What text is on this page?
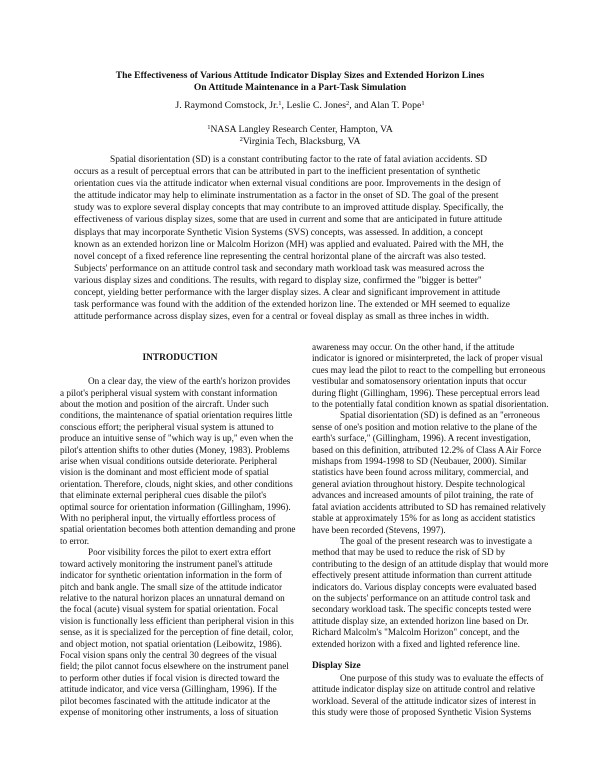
The Effectiveness of Various Attitude Indicator Display Sizes and Extended Horizon Lines
On Attitude Maintenance in a Part-Task Simulation
J. Raymond Comstock, Jr.$^1$, Leslie C. Jones$^2$, and Alan T. Pope$^1$
$^1$NASA Langley Research Center, Hampton, VA
$^2$Virginia Tech, Blacksburg, VA
Spatial disorientation (SD) is a constant contributing factor to the rate of fatal aviation accidents. SD
occurs as a result of perceptual errors that can be attributed in part to the inefficient presentation of synthetic
orientation cues via the attitude indicator when external visual conditions are poor. Improvements in the design of
the attitude indicator may help to eliminate instrumentation as a factor in the onset of SD. The goal of the present
study was to explore several display concepts that may contribute to an improved attitude display. Specifically, the
effectiveness of various display sizes, some that are used in current and some that are anticipated in future attitude
displays that may incorporate Synthetic Vision Systems (SVS) concepts, was assessed. In addition, a concept
known as an extended horizon line or Malcolm Horizon (MH) was applied and evaluated. Paired with the MH, the
novel concept of a fixed reference line representing the central horizontal plane of the aircraft was also tested.
Subjects' performance on an attitude control task and secondary math workload task was measured across the
various display sizes and conditions. The results, with regard to display size, confirmed the "bigger is better"
concept, yielding better performance with the larger display sizes. A clear and significant improvement in attitude
task performance was found with the addition of the extended horizon line. The extended or MH seemed to equalize
attitude performance across display sizes, even for a central or foveal display as small as three inches in width.
INTRODUCTION
On a clear day, the view of the earth's horizon provides
a pilot's peripheral visual system with constant information
about the motion and position of the aircraft. Under such
conditions, the maintenance of spatial orientation requires little
conscious effort; the peripheral visual system is attuned to
produce an intuitive sense of "which way is up," even when the
pilot's attention shifts to other duties (Money, 1983). Problems
arise when visual conditions outside deteriorate. Peripheral
vision is the dominant and most efficient mode of spatial
orientation. Therefore, clouds, night skies, and other conditions
that eliminate external peripheral cues disable the pilot's
optimal source for orientation information (Gillingham, 1996).
With no peripheral input, the virtually effortless process of
spatial orientation becomes both attention demanding and prone
to error.
Poor visibility forces the pilot to exert extra effort
toward actively monitoring the instrument panel's attitude
indicator for synthetic orientation information in the form of
pitch and bank angle. The small size of the attitude indicator
relative to the natural horizon places an unnatural demand on
the focal (acute) visual system for spatial orientation. Focal
vision is functionally less efficient than peripheral vision in this
sense, as it is specialized for the perception of fine detail, color,
and object motion, not spatial orientation (Leibowitz, 1986).
Focal vision spans only the central 30 degrees of the visual
field; the pilot cannot focus elsewhere on the instrument panel
to perform other duties if focal vision is directed toward the
attitude indicator, and vice versa (Gillingham, 1996). If the
pilot becomes fascinated with the attitude indicator at the
expense of monitoring other instruments, a loss of situation
awareness may occur. On the other hand, if the attitude
indicator is ignored or misinterpreted, the lack of proper visual
cues may lead the pilot to react to the compelling but erroneous
vestibular and somatosensory orientation inputs that occur
during flight (Gillingham, 1996). These perceptual errors lead
to the potentially fatal condition known as spatial disorientation.
Spatial disorientation (SD) is defined as an "erroneous
sense of one's position and motion relative to the plane of the
earth's surface," (Gillingham, 1996). A recent investigation,
based on this definition, attributed 12.2% of Class A Air Force
mishaps from 1994-1998 to SD (Neubauer, 2000). Similar
statistics have been found across military, commercial, and
general aviation throughout history. Despite technological
advances and increased amounts of pilot training, the rate of
fatal aviation accidents attributed to SD has remained relatively
stable at approximately 15% for as long as accident statistics
have been recorded (Stevens, 1997).
The goal of the present research was to investigate a
method that may be used to reduce the risk of SD by
contributing to the design of an attitude display that would more
effectively present attitude information than current attitude
indicators do. Various display concepts were evaluated based
on the subjects' performance on an attitude control task and
secondary workload task. The specific concepts tested were
attitude display size, an extended horizon line based on Dr.
Richard Malcolm's "Malcolm Horizon" concept, and the
extended horizon with a fixed and lighted reference line.
Display Size
One purpose of this study was to evaluate the effects of
attitude indicator display size on attitude control and relative
workload. Several of the attitude indicator sizes of interest in
this study were those of proposed Synthetic Vision Systems
